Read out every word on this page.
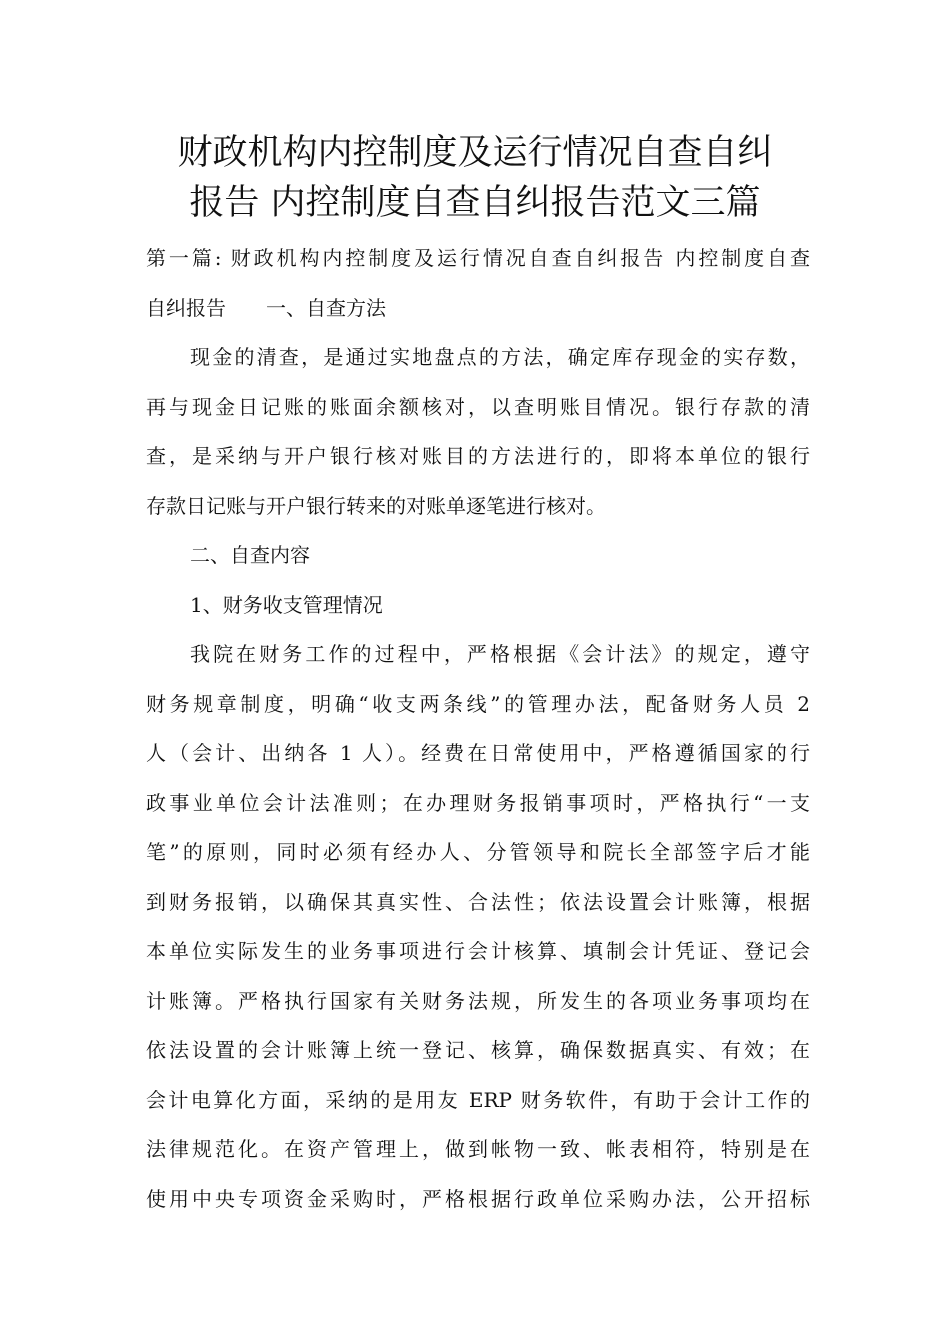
财政机构内控制度及运行情况自查自纠
报告 内控制度自查自纠报告范文三篇
第一篇: 财政机构内控制度及运行情况自查自纠报告 内控制度自查
自纠报告　　一、自查方法
现金的清查，是通过实地盘点的方法，确定库存现金的实存数，
再与现金日记账的账面余额核对，以查明账目情况。银行存款的清
查，是采纳与开户银行核对账目的方法进行的，即将本单位的银行
存款日记账与开户银行转来的对账单逐笔进行核对。
二、自查内容
1、财务收支管理情况
我院在财务工作的过程中，严格根据《会计法》的规定，遵守
财务规章制度，明确“收支两条线”的管理办法，配备财务人员 2
人（会计、出纳各 1 人）。经费在日常使用中，严格遵循国家的行
政事业单位会计法准则；在办理财务报销事项时，严格执行“一支
笔”的原则，同时必须有经办人、分管领导和院长全部签字后才能
到财务报销，以确保其真实性、合法性；依法设置会计账簿，根据
本单位实际发生的业务事项进行会计核算、填制会计凭证、登记会
计账簿。严格执行国家有关财务法规，所发生的各项业务事项均在
依法设置的会计账簿上统一登记、核算，确保数据真实、有效；在
会计电算化方面，采纳的是用友 ERP 财务软件，有助于会计工作的
法律规范化。在资产管理上，做到帐物一致、帐表相符，特别是在
使用中央专项资金采购时，严格根据行政单位采购办法，公开招标
